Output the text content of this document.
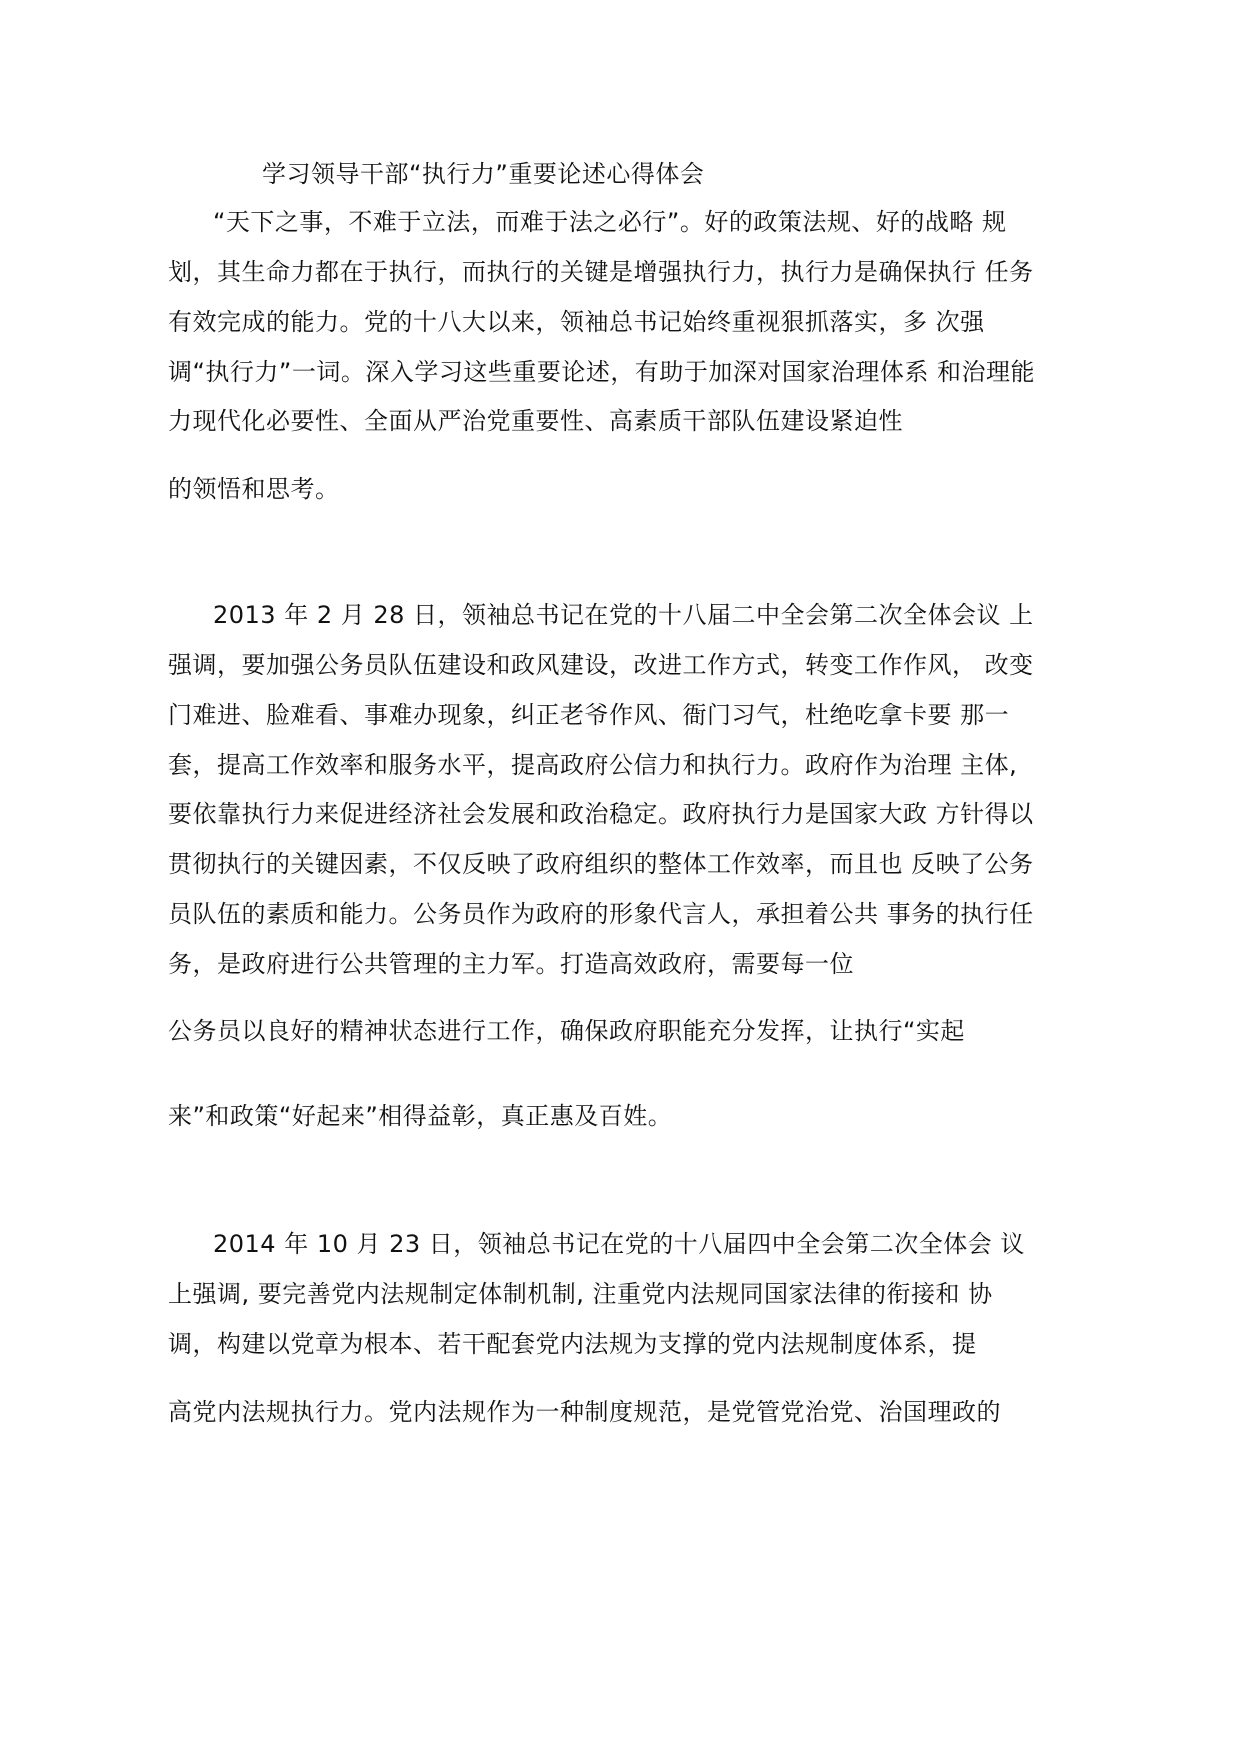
学习领导干部“执行力”重要论述心得体会
“天下之事，不难于立法，而难于法之必行”。好的政策法规、好的战略 规
划，其生命力都在于执行，而执行的关键是增强执行力，执行力是确保执行 任务
有效完成的能力。党的十八大以来，领袖总书记始终重视狠抓落实，多 次强
调“执行力”一词。深入学习这些重要论述，有助于加深对国家治理体系 和治理能
力现代化必要性、全面从严治党重要性、高素质干部队伍建设紧迫性
的领悟和思考。
2013 年 2 月 28 日，领袖总书记在党的十八届二中全会第二次全体会议 上
强调，要加强公务员队伍建设和政风建设，改进工作方式，转变工作作风， 改变
门难进、脸难看、事难办现象，纠正老爷作风、衙门习气，杜绝吃拿卡要 那一
套，提高工作效率和服务水平，提高政府公信力和执行力。政府作为治理 主体,
要依靠执行力来促进经济社会发展和政治稳定。政府执行力是国家大政 方针得以
贯彻执行的关键因素，不仅反映了政府组织的整体工作效率，而且也 反映了公务
员队伍的素质和能力。公务员作为政府的形象代言人，承担着公共 事务的执行任
务，是政府进行公共管理的主力军。打造高效政府，需要每一位
公务员以良好的精神状态进行工作，确保政府职能充分发挥，让执行“实起
来”和政策“好起来”相得益彰，真正惠及百姓。
2014 年 10 月 23 日，领袖总书记在党的十八届四中全会第二次全体会 议
上强调, 要完善党内法规制定体制机制, 注重党内法规同国家法律的衔接和 协
调，构建以党章为根本、若干配套党内法规为支撑的党内法规制度体系，提
高党内法规执行力。党内法规作为一种制度规范，是党管党治党、治国理政的
